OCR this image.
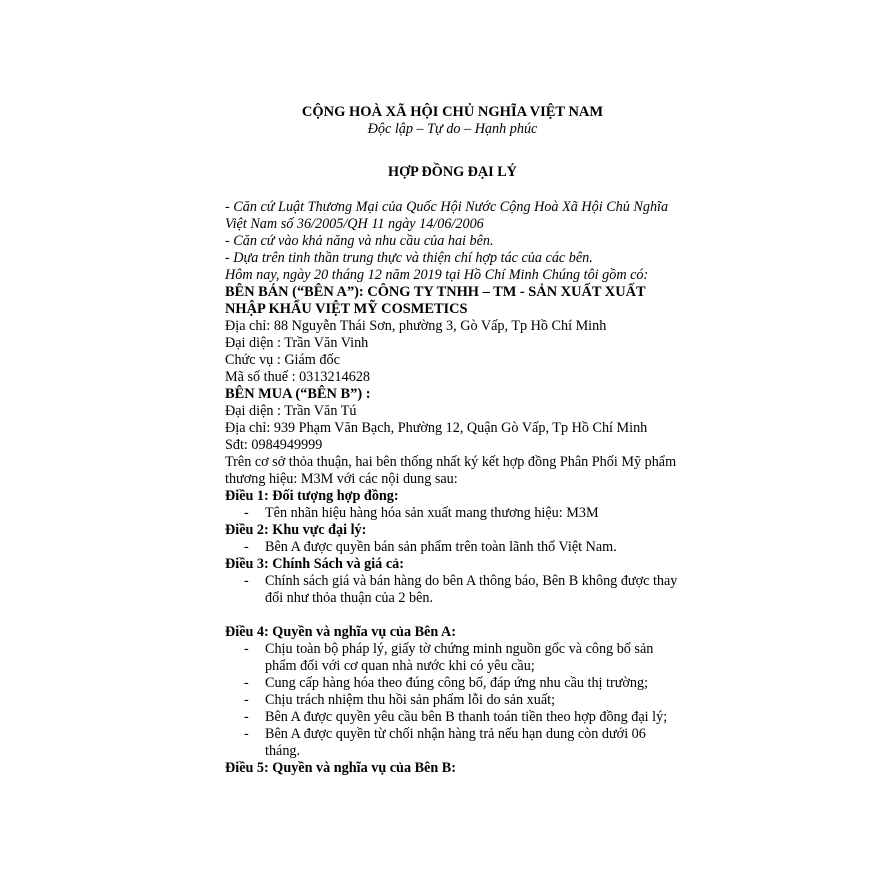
CỘNG HOÀ XÃ HỘI CHỦ NGHĨA VIỆT NAM
Độc lập – Tự do – Hạnh phúc
HỢP ĐỒNG ĐẠI LÝ
- Căn cứ Luật Thương Mại của Quốc Hội Nước Cộng Hoà Xã Hội Chủ Nghĩa Việt Nam số 36/2005/QH 11 ngày 14/06/2006
- Căn cứ vào khả năng và nhu cầu của hai bên.
- Dựa trên tinh thần trung thực và thiện chí hợp tác của các bên.
Hôm nay, ngày 20 tháng 12 năm 2019 tại Hồ Chí Minh Chúng tôi gồm có:
BÊN BÁN (“BÊN A”): CÔNG TY TNHH – TM - SẢN XUẤT XUẤT NHẬP KHẨU VIỆT MỸ COSMETICS
Địa chỉ: 88 Nguyễn Thái Sơn, phường 3, Gò Vấp, Tp Hồ Chí Minh
Đại diện : Trần Văn Vinh
Chức vụ : Giám đốc
Mã số thuế : 0313214628
BÊN MUA (“BÊN B”) :
Đại diện : Trần Văn Tú
Địa chỉ: 939 Phạm Văn Bạch, Phường 12, Quận Gò Vấp, Tp Hồ Chí Minh
Sđt: 0984949999
Trên cơ sở thỏa thuận, hai bên thống nhất ký kết hợp đồng Phân Phối Mỹ phẩm thương hiệu: M3M với các nội dung sau:
Điều 1: Đối tượng hợp đồng:
- Tên nhãn hiệu hàng hóa sản xuất mang thương hiệu: M3M
Điều 2: Khu vực đại lý:
- Bên A được quyền bán sản phẩm trên toàn lãnh thổ Việt Nam.
Điều 3: Chính Sách và giá cả:
- Chính sách giá và bán hàng do bên A thông báo, Bên B không được thay đổi như thỏa thuận của 2 bên.
Điều 4: Quyền và nghĩa vụ của Bên A:
- Chịu toàn bộ pháp lý, giấy tờ chứng minh nguồn gốc và công bố sản phẩm đối với cơ quan nhà nước khi có yêu cầu;
- Cung cấp hàng hóa theo đúng công bố, đáp ứng nhu cầu thị trường;
- Chịu trách nhiệm thu hồi sản phẩm lỗi do sản xuất;
- Bên A được quyền yêu cầu bên B thanh toán tiền theo hợp đồng đại lý;
- Bên A được quyền từ chối nhận hàng trả nếu hạn dung còn dưới 06 tháng.
Điều 5: Quyền và nghĩa vụ của Bên B:
